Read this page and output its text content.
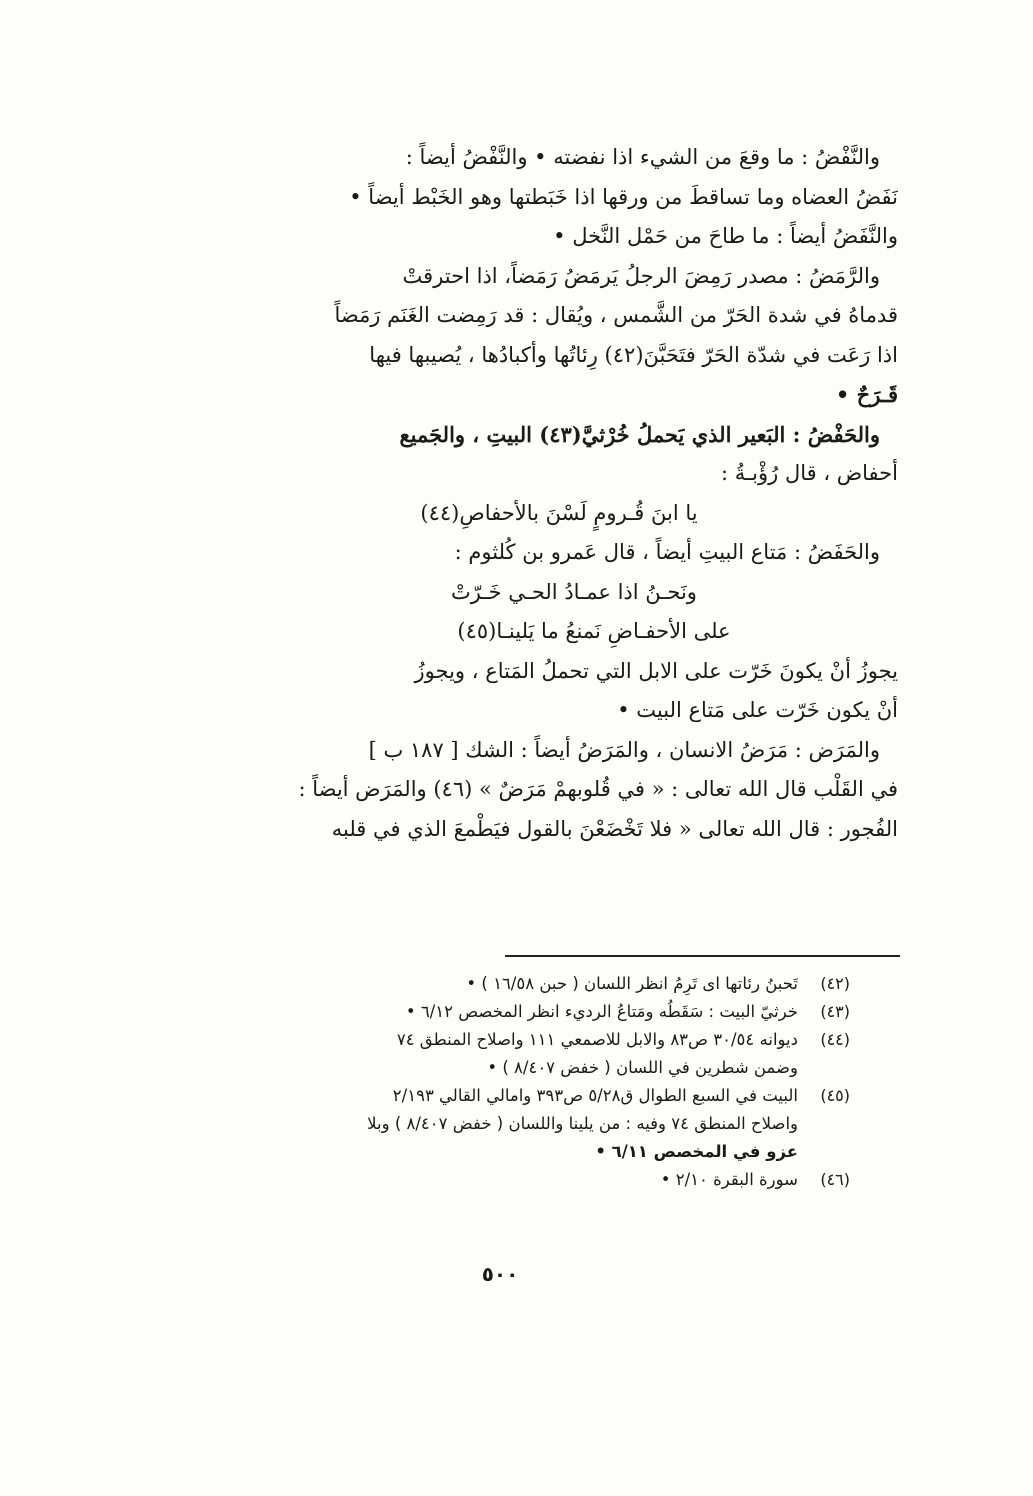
والنَّفْضُ : ما وقعَ من الشيء اذا نفضته • والنَّفْضُ أيضاً :
نَفَضُ العضاه وما تساقطَ من ورقها اذا خَبَطتها وهو الخَبْط أيضاً •
والنَّفَضُ أيضاً : ما طاحَ من حَمْل النَّخل •
والرَّمَضُ : مصدر رَمِضَ الرجلُ يَرمَضُ رَمَضاً، اذا احترقتْ
قدماهُ في شدة الحَرّ من الشَّمس ، ويُقال : قد رَمِضت الغَنَم رَمَضاً
اذا رَعَت في شدّة الحَرّ فتَحَبَّنَ(٤٢) رِئاتُها وأكبادُها ، يُصيبها فيها
قَـرَحٌ •
والحَفْضُ : البَعير الذي يَحملُ خُرْثيَّ(٤٣) البيتِ ، والجَميع
أحفاض ، قال رُؤْبـةُ :
يا ابنَ قُـرومٍ لَسْنَ بالأحفاصِ(٤٤)
والحَفَضُ : مَتاع البيتِ أيضاً ، قال عَمرو بن كُلثوم :
ونَحـنُ اذا عمـادُ الحـي خَـرّتْ
على الأحفـاضِ نَمنعُ ما يَلينـا(٤٥)
يجوزُ أنْ يكونَ خَرّت على الابل التي تحملُ المَتاع ، ويجوزُ
أنْ يكون خَرّت على مَتاع البيت •
والمَرَض : مَرَضُ الانسان ، والمَرَضُ أيضاً : الشك [ ١٨٧ ب ]
في القَلْب قال الله تعالى : « في قُلوبهمْ مَرَضٌ » (٤٦) والمَرَض أيضاً :
الفُجور : قال الله تعالى « فلا تَخْضَعْنَ بالقول فيَطْمعَ الذي في قلبه
(٤٢)
تَحبنُ رئاتها اى تَرِمُ انظر اللسان ( حبن ١٦/٥٨ ) •
(٤٣)
خرثيّ البيت : سَقَطُه ومَتاعُ الرديء انظر المخصص ٦/١٢ •
(٤٤)
ديوانه ٣٠/٥٤ ص٨٣ والابل للاصمعي ١١١ واصلاح المنطق ٧٤
وضمن شطرين في اللسان ( خفض ٨/٤٠٧ ) •
(٤٥)
البيت في السبع الطوال ق٥/٢٨ ص٣٩٣ وامالي القالي ٢/١٩٣
واصلاح المنطق ٧٤ وفيه : من يلينا واللسان ( خفض ٨/٤٠٧ ) وبلا
عزو في المخصص ٦/١١ •
(٤٦)
سورة البقرة ٢/١٠ •
٥٠٠
